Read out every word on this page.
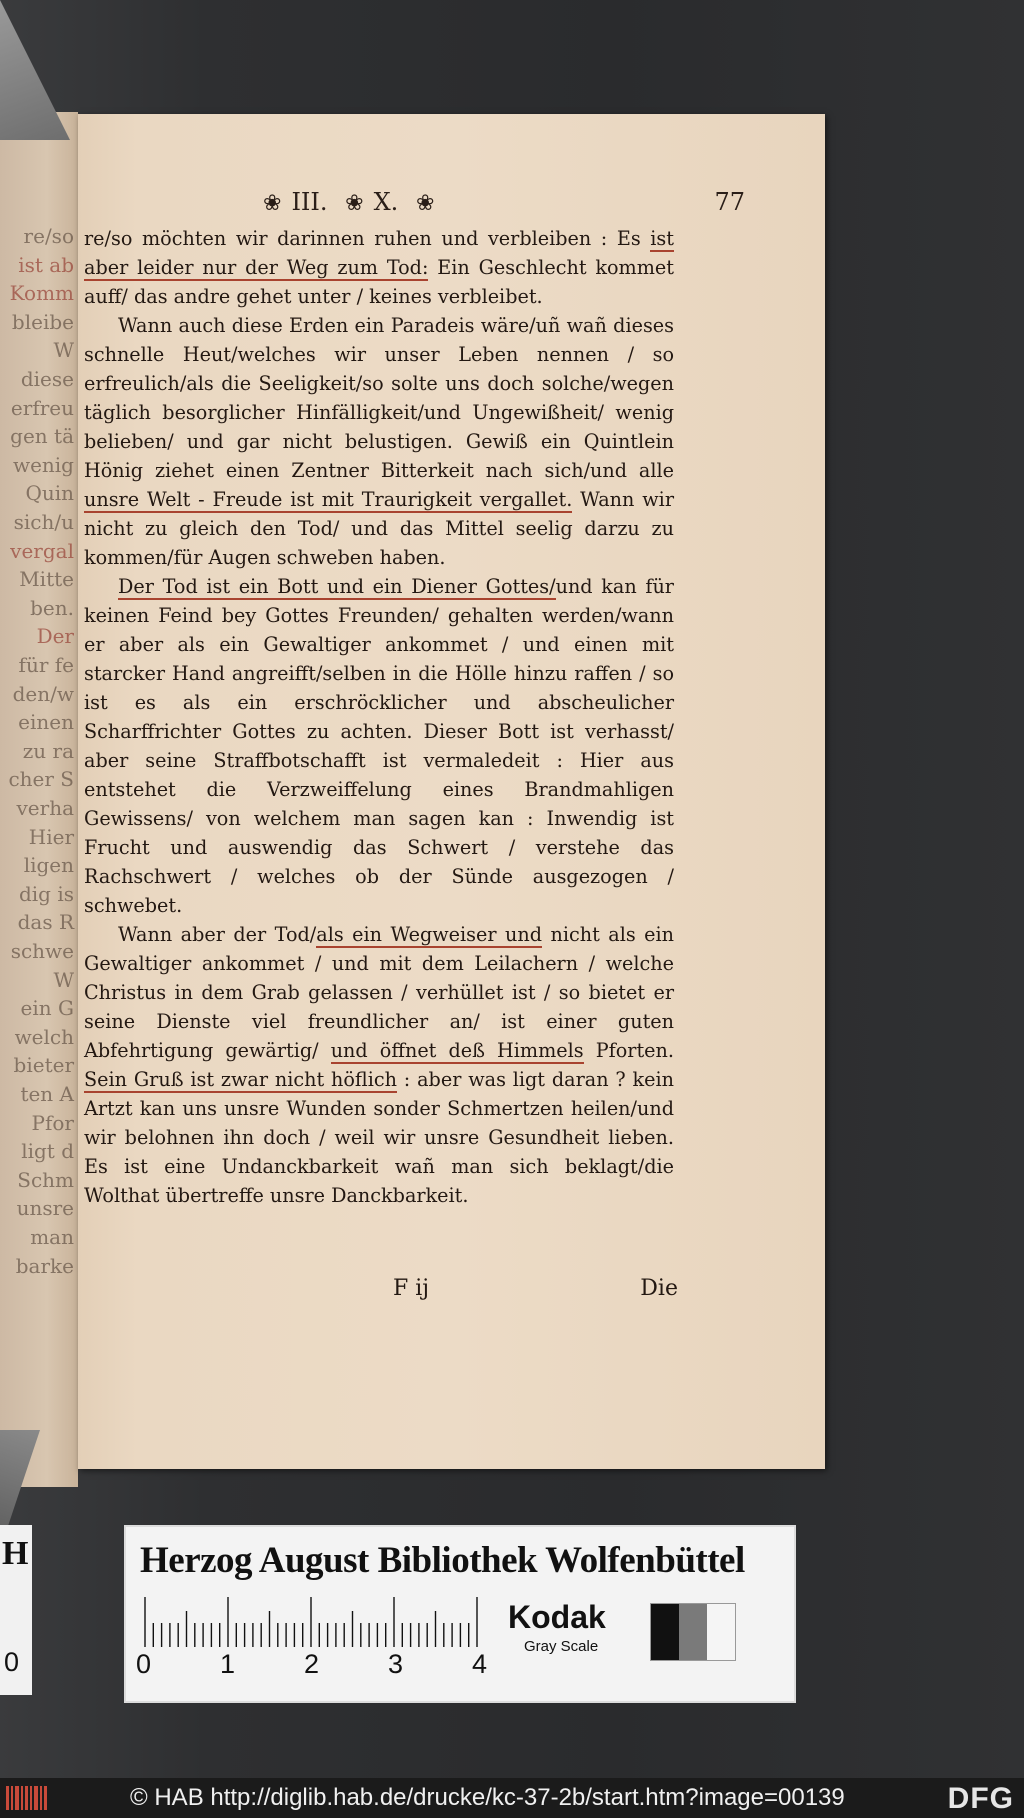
re/so
ist ab
Komm
bleibe
W
diese
erfreu
gen tä
wenig
Quin
sich/u
vergal
Mitte
ben.
Der
für fe
den/w
einen
zu ra
cher S
verha
Hier
ligen
dig is
das R
schwe
W
ein G
welch
bieter
ten A
Pfor
ligt d
Schm
unsre
man
barke
❀ III. ❀ X. ❀	77

re/so möchten wir darinnen ruhen und verbleiben : Es ist aber leider nur der Weg zum Tod: Ein Geschlecht kommet auff/ das andre gehet unter / keines verbleibet.

Wann auch diese Erden ein Paradeis wäre/uñ wañ dieses schnelle Heut/welches wir unser Leben nennen / so erfreulich/als die Seeligkeit/so solte uns doch solche/wegen täglich besorglicher Hinfälligkeit/und Ungewißheit/ wenig belieben/ und gar nicht belustigen. Gewiß ein Quintlein Hönig ziehet einen Zentner Bitterkeit nach sich/und alle unsre Welt - Freude ist mit Traurigkeit vergallet. Wann wir nicht zu gleich den Tod/ und das Mittel seelig darzu zu kommen/für Augen schweben haben.

Der Tod ist ein Bott und ein Diener Gottes/und kan für keinen Feind bey Gottes Freunden/ gehalten werden/wann er aber als ein Gewaltiger ankommet / und einen mit starcker Hand angreifft/selben in die Hölle hinzu raffen / so ist es als ein erschröcklicher und abscheulicher Scharffrichter Gottes zu achten. Dieser Bott ist verhasst/ aber seine Straffbotschafft ist vermaledeit : Hier aus entstehet die Verzweiffelung eines Brandmahligen Gewissens/ von welchem man sagen kan : Inwendig ist Frucht und auswendig das Schwert / verstehe das Rachschwert / welches ob der Sünde ausgezogen / schwebet.

Wann aber der Tod/als ein Wegweiser und nicht als ein Gewaltiger ankommet / und mit dem Leilachern / welche Christus in dem Grab gelassen / verhüllet ist / so bietet er seine Dienste viel freundlicher an/ ist einer guten Abfehrtigung gewärtig/ und öffnet deß Himmels Pforten. Sein Gruß ist zwar nicht höflich : aber was ligt daran ? kein Artzt kan uns unsre Wunden sonder Schmertzen heilen/und wir belohnen ihn doch / weil wir unsre Gesundheit lieben. Es ist eine Undanckbarkeit wañ man sich beklagt/die Wolthat übertreffe unsre Danckbarkeit.

F ij	Die
H
0
Herzog August Bibliothek Wolfenbüttel
0	1	2	3	4
Kodak
Gray Scale
© HAB http://diglib.hab.de/drucke/kc-37-2b/start.htm?image=00139	DFG
